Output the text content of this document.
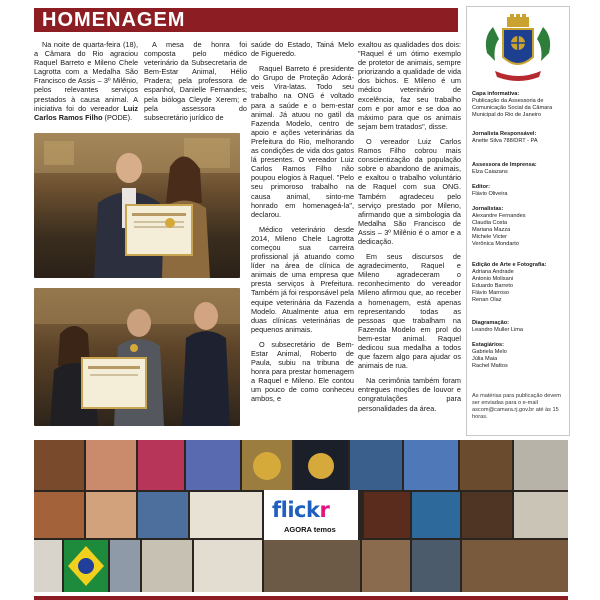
HOMENAGEM

Na noite de quarta-feira (18), a Câmara do Rio agraciou Raquel Barreto e Mileno Chele Lagrotta com a Medalha São Francisco de Assis – 3º Milênio, pelos relevantes serviços prestados à causa animal. A iniciativa foi do vereador Luiz Carlos Ramos Filho (PODE).

A mesa de honra foi composta pelo médico veterinário da Subsecretaria de Bem-Estar Animal, Hélio Pradera; pela professora de espanhol, Danielle Fernandes; pela bióloga Cleyde Xerem; e pela assessora do subsecretário jurídico de

saúde do Estado, Tainá Melo de Figueredo.

Raquel Barreto é presidente do Grupo de Proteção Adorá-veis Vira-latas. Todo seu trabalho na ONG é voltado para a saúde e o bem-estar animal. Já atuou no gatil da Fazenda Modelo, centro de apoio e ações veterinárias da Prefeitura do Rio, melhorando as condições de vida dos gatos lá presentes. O vereador Luiz Carlos Ramos Filho não poupou elogios à Raquel. "Pelo seu primoroso trabalho na causa animal, sinto-me honrado em homenageá-la", declarou.

Médico veterinário desde 2014, Mileno Chele Lagrotta começou sua carreira profissional já atuando como líder na área de clínica de animais de uma empresa que presta serviços à Prefeitura. Também já foi responsável pela equipe veterinária da Fazenda Modelo. Atualmente atua em duas clínicas veterinárias de pequenos animais.

O subsecretário de Bem-Estar Animal, Roberto de Paula, subiu na tribuna de honra para prestar homenagem a Raquel e Mileno. Ele contou um pouco de como conheceu ambos, e

exaltou as qualidades dos dois: "Raquel é um ótimo exemplo de protetor de animais, sempre priorizando a qualidade de vida dos bichos. E Mileno é um médico veterinário de excelência, faz seu trabalho com e por amor e se doa ao máximo para que os animais sejam bem tratados", disse.

O vereador Luiz Carlos Ramos Filho cobrou mais conscientização da população sobre o abandono de animais, e exaltou o trabalho voluntário de Raquel com sua ONG. Também agradeceu pelo serviço prestado por Mileno, afirmando que a simbologia da Medalha São Francisco de Assis – 3º Milênio é o amor e a dedicação.

Em seus discursos de agradecimento, Raquel e Mileno agradeceram o reconhecimento do vereador Mileno afirmou que, ao receber a homenagem, está apenas representando todas as pessoas que trabalham na Fazenda Modelo em prol do bem-estar animal. Raquel dedicou sua medalha a todos que fazem algo para ajudar os animais de rua.

Na cerimônia também foram entregues moções de louvor e congratulações para personalidades da área.

Capa informativa:
Publicação da Assessoria de Comunicação Social da Câmara Municipal do Rio de Janeiro
Jornalista Responsável:
Anette Silva 788/DRT - PA
Assessora de Imprensa:
Elza Caiazans
Editor:
Flávio Oliveira
Jornalistas:
Alexandre Fernandes
Claudia Costa
Mariana Mazza
Michele Victer
Verônica Mondarto
Edição de Arte e Fotografia:
Adriana Andrade
Antonio Molisani
Eduardo Barreto
Flávio Marroso
Renan Olaz
Diagramação:
Leandro Muller Lima
Estagiários:
Gabriela Melo
Júlia Maia
Rachel Mattos
As matérias para publicação devem ser enviadas para o e-mail ascom@camara.rj.gov.br até às 15 horas.
flickr
AGORA temos
